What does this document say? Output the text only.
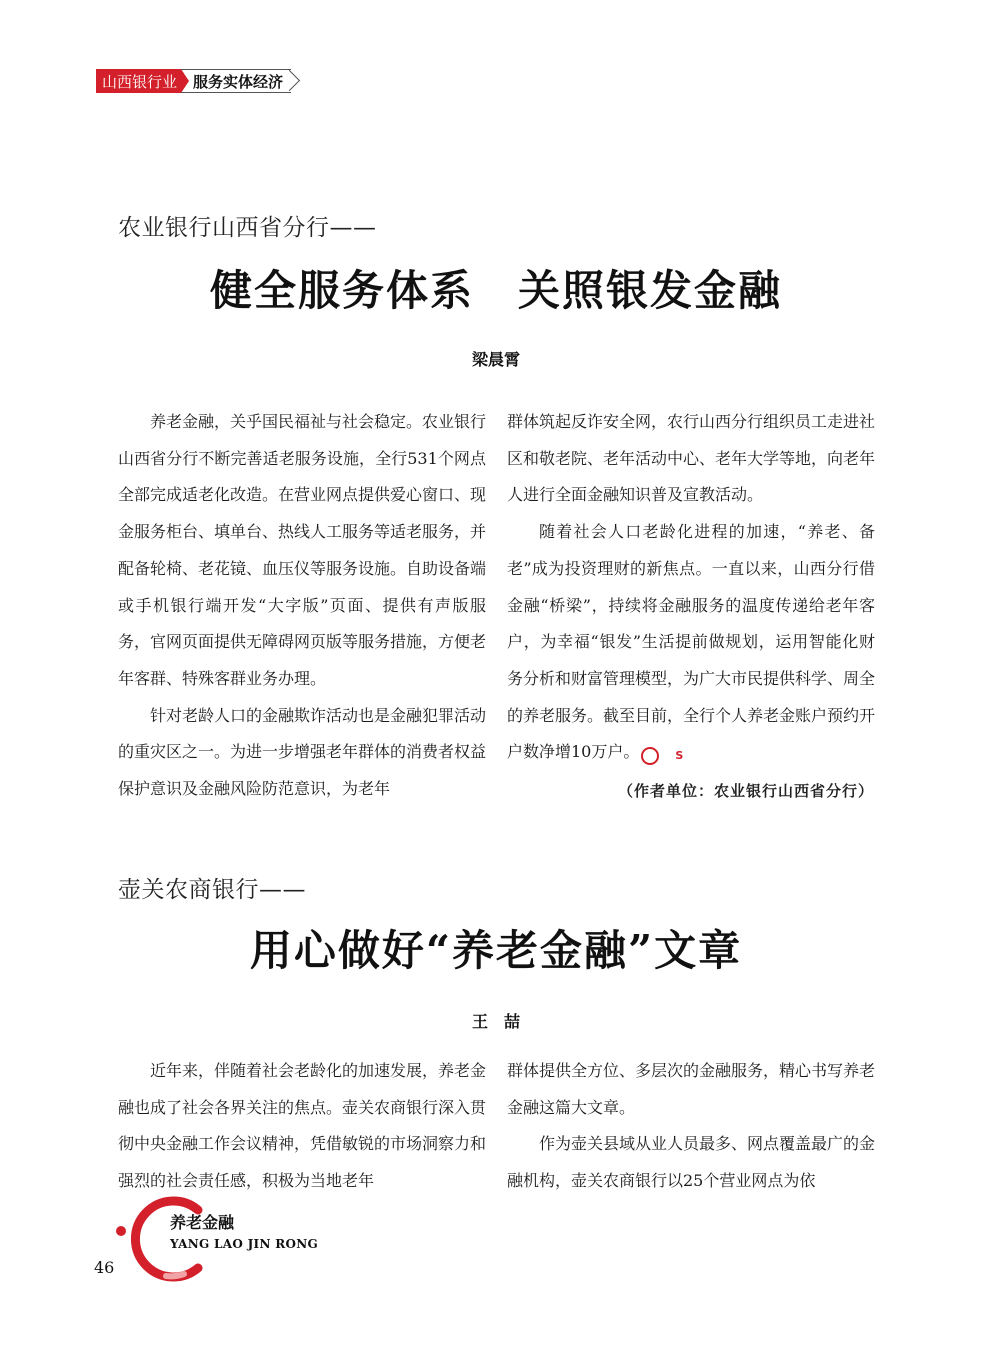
山西银行业	服务实体经济
农业银行山西省分行——
健全服务体系　关照银发金融
梁晨霄

养老金融，关乎国民福祉与社会稳定。农业银行山西省分行不断完善适老服务设施，全行531个网点全部完成适老化改造。在营业网点提供爱心窗口、现金服务柜台、填单台、热线人工服务等适老服务，并配备轮椅、老花镜、血压仪等服务设施。自助设备端或手机银行端开发“大字版”页面、提供有声版服务，官网页面提供无障碍网页版等服务措施，方便老年客群、特殊客群业务办理。

针对老龄人口的金融欺诈活动也是金融犯罪活动的重灾区之一。为进一步增强老年群体的消费者权益保护意识及金融风险防范意识，为老年

群体筑起反诈安全网，农行山西分行组织员工走进社区和敬老院、老年活动中心、老年大学等地，向老年人进行全面金融知识普及宣教活动。

随着社会人口老龄化进程的加速，“养老、备老”成为投资理财的新焦点。一直以来，山西分行借金融“桥梁”，持续将金融服务的温度传递给老年客户，为幸福“银发”生活提前做规划，运用智能化财务分析和财富管理模型，为广大市民提供科学、周全的养老服务。截至目前，全行个人养老金账户预约开户数净增10万户。	S

（作者单位：农业银行山西省分行）
壶关农商银行——
用心做好“养老金融”文章
王　喆

近年来，伴随着社会老龄化的加速发展，养老金融也成了社会各界关注的焦点。壶关农商银行深入贯彻中央金融工作会议精神，凭借敏锐的市场洞察力和强烈的社会责任感，积极为当地老年

群体提供全方位、多层次的金融服务，精心书写养老金融这篇大文章。

作为壶关县域从业人员最多、网点覆盖最广的金融机构，壶关农商银行以25个营业网点为依

养老金融
YANG LAO JIN RONG
46
